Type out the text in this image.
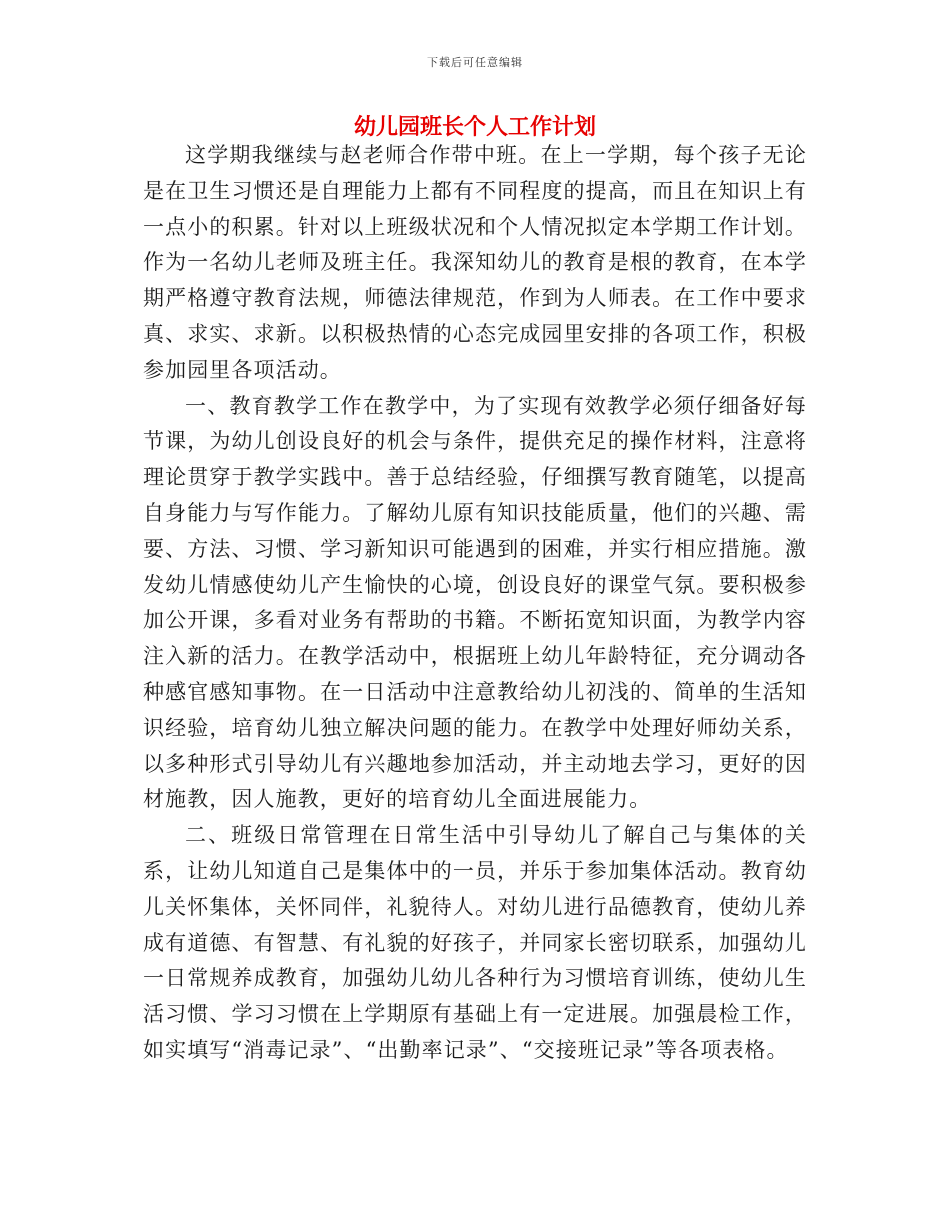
下载后可任意编辑
幼儿园班长个人工作计划

这学期我继续与赵老师合作带中班。在上一学期，每个孩子无论是在卫生习惯还是自理能力上都有不同程度的提高，而且在知识上有一点小的积累。针对以上班级状况和个人情况拟定本学期工作计划。作为一名幼儿老师及班主任。我深知幼儿的教育是根的教育，在本学期严格遵守教育法规，师德法律规范，作到为人师表。在工作中要求真、求实、求新。以积极热情的心态完成园里安排的各项工作，积极参加园里各项活动。

一、教育教学工作在教学中，为了实现有效教学必须仔细备好每节课，为幼儿创设良好的机会与条件，提供充足的操作材料，注意将理论贯穿于教学实践中。善于总结经验，仔细撰写教育随笔，以提高自身能力与写作能力。了解幼儿原有知识技能质量，他们的兴趣、需要、方法、习惯、学习新知识可能遇到的困难，并实行相应措施。激发幼儿情感使幼儿产生愉快的心境，创设良好的课堂气氛。要积极参加公开课，多看对业务有帮助的书籍。不断拓宽知识面，为教学内容注入新的活力。在教学活动中，根据班上幼儿年龄特征，充分调动各种感官感知事物。在一日活动中注意教给幼儿初浅的、简单的生活知识经验，培育幼儿独立解决问题的能力。在教学中处理好师幼关系，以多种形式引导幼儿有兴趣地参加活动，并主动地去学习，更好的因材施教，因人施教，更好的培育幼儿全面进展能力。

二、班级日常管理在日常生活中引导幼儿了解自己与集体的关系，让幼儿知道自己是集体中的一员，并乐于参加集体活动。教育幼儿关怀集体，关怀同伴，礼貌待人。对幼儿进行品德教育，使幼儿养成有道德、有智慧、有礼貌的好孩子，并同家长密切联系，加强幼儿一日常规养成教育，加强幼儿幼儿各种行为习惯培育训练，使幼儿生活习惯、学习习惯在上学期原有基础上有一定进展。加强晨检工作，如实填写“消毒记录”、“出勤率记录”、“交接班记录”等各项表格。
